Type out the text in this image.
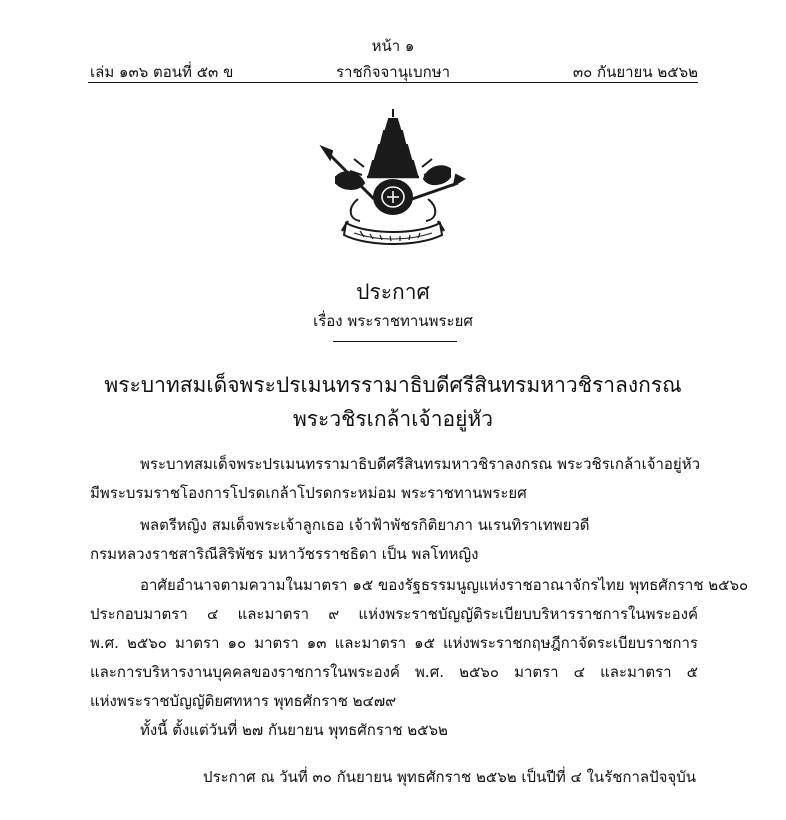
หน้า ๑
เล่ม ๑๓๖ ตอนที่ ๕๓ ข	ราชกิจจานุเบกษา	๓๐ กันยายน ๒๕๖๒
ประกาศ
เรื่อง พระราชทานพระยศ
พระบาทสมเด็จพระปรเมนทรรามาธิบดีศรีสินทรมหาวชิราลงกรณ
พระวชิรเกล้าเจ้าอยู่หัว
พระบาทสมเด็จพระปรเมนทรรามาธิบดีศรีสินทรมหาวชิราลงกรณ พระวชิรเกล้าเจ้าอยู่หัว
มีพระบรมราชโองการโปรดเกล้าโปรดกระหม่อม พระราชทานพระยศ
พลตรีหญิง สมเด็จพระเจ้าลูกเธอ เจ้าฟ้าพัชรกิติยาภา นเรนทิราเทพยวดี
กรมหลวงราชสาริณีสิริพัชร มหาวัชรราชธิดา เป็น พลโทหญิง
อาศัยอำนาจตามความในมาตรา ๑๕ ของรัฐธรรมนูญแห่งราชอาณาจักรไทย พุทธศักราช ๒๕๖๐
ประกอบมาตรา ๔ และมาตรา ๙ แห่งพระราชบัญญัติระเบียบบริหารราชการในพระองค์
พ.ศ. ๒๕๖๐ มาตรา ๑๐ มาตรา ๑๓ และมาตรา ๑๕ แห่งพระราชกฤษฎีกาจัดระเบียบราชการ
และการบริหารงานบุคคลของราชการในพระองค์ พ.ศ. ๒๕๖๐ มาตรา ๔ และมาตรา ๕
แห่งพระราชบัญญัติยศทหาร พุทธศักราช ๒๔๗๙
ทั้งนี้ ตั้งแต่วันที่ ๒๗ กันยายน พุทธศักราช ๒๕๖๒
ประกาศ ณ วันที่ ๓๐ กันยายน พุทธศักราช ๒๕๖๒ เป็นปีที่ ๔ ในรัชกาลปัจจุบัน
